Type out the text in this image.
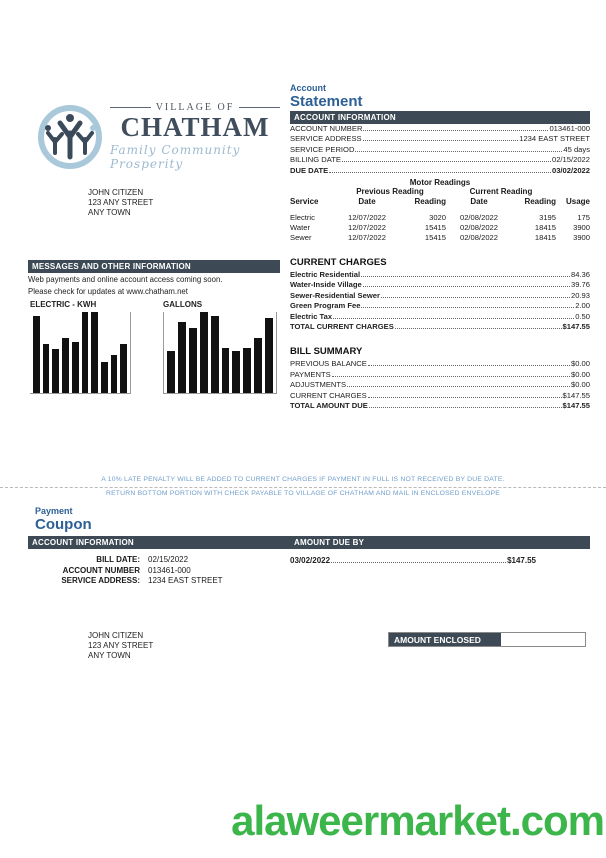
VILLAGE OF
CHATHAM
Family Community Prosperity
JOHN CITIZEN
123 ANY STREET
ANY TOWN
MESSAGES AND OTHER INFORMATION
Web payments and online account access coming soon.
Please check for updates at www.chatham.net
ELECTRIC - KWH	GALLONS
Account
Statement
ACCOUNT INFORMATION
ACCOUNT NUMBER	013461-000
SERVICE ADDRESS	1234 EAST STREET
SERVICE PERIOD	45 days
BILLING DATE	02/15/2022
DUE DATE	03/02/2022
Motor Readings
Previous Reading	Current Reading
Service	Date	Reading	Date	Reading	Usage
Electric	12/07/2022	3020	02/08/2022	3195	175
Water	12/07/2022	15415	02/08/2022	18415	3900
Sewer	12/07/2022	15415	02/08/2022	18415	3900
CURRENT CHARGES
Electric Residential	84.36
Water-Inside Village	39.76
Sewer-Residential Sewer	20.93
Green Program Fee	2.00
Electric Tax	0.50
TOTAL CURRENT CHARGES	$147.55
BILL SUMMARY
PREVIOUS BALANCE	$0.00
PAYMENTS	$0.00
ADJUSTMENTS	$0.00
CURRENT CHARGES	$147.55
TOTAL AMOUNT DUE	$147.55
A 10% LATE PENALTY WILL BE ADDED TO CURRENT CHARGES IF PAYMENT IN FULL IS NOT RECEIVED BY DUE DATE.
RETURN BOTTOM PORTION WITH CHECK PAYABLE TO VILLAGE OF CHATHAM AND MAIL IN ENCLOSED ENVELOPE
Payment
Coupon
ACCOUNT INFORMATION
BILL DATE: 02/15/2022
ACCOUNT NUMBER 013461-000
SERVICE ADDRESS: 1234 EAST STREET
AMOUNT DUE BY
03/02/2022	$147.55
JOHN CITIZEN
123 ANY STREET
ANY TOWN
AMOUNT ENCLOSED
alaweermarket.com
